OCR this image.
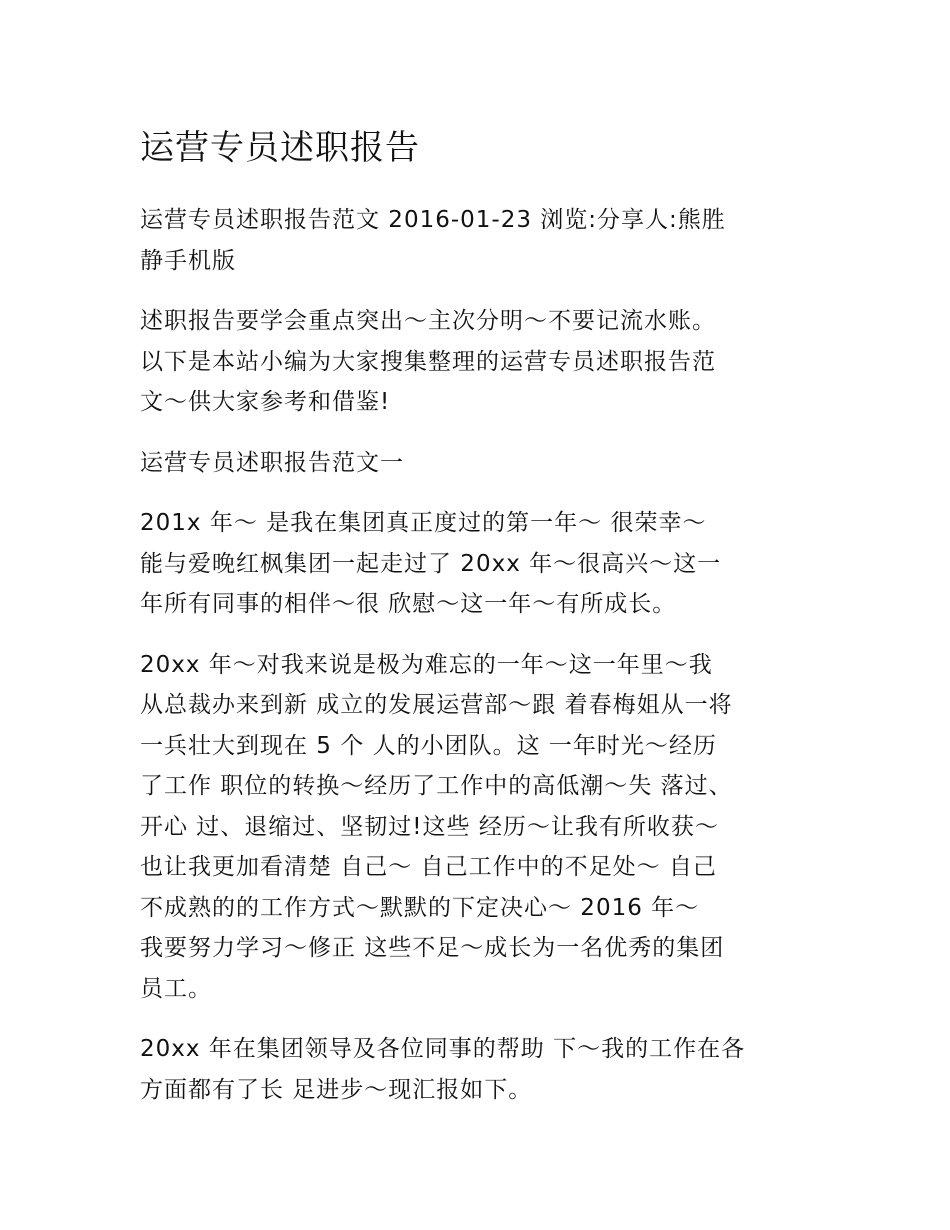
运营专员述职报告

运营专员述职报告范文 2016-01-23 浏览:分享人:熊胜
静手机版

述职报告要学会重点突出～主次分明～不要记流水账。
以下是本站小编为大家搜集整理的运营专员述职报告范
文～供大家参考和借鉴!

运营专员述职报告范文一

201x 年～ 是我在集团真正度过的第一年～ 很荣幸～
能与爱晚红枫集团一起走过了 20xx 年～很高兴～这一
年所有同事的相伴～很 欣慰～这一年～有所成长。

20xx 年～对我来说是极为难忘的一年～这一年里～我
从总裁办来到新 成立的发展运营部～跟 着春梅姐从一将
一兵壮大到现在 5 个 人的小团队。这 一年时光～经历
了工作 职位的转换～经历了工作中的高低潮～失 落过、
开心 过、退缩过、坚韧过!这些 经历～让我有所收获～
也让我更加看清楚 自己～ 自己工作中的不足处～ 自己
不成熟的的工作方式～默默的下定决心～ 2016 年～
我要努力学习～修正 这些不足～成长为一名优秀的集团
员工。

20xx 年在集团领导及各位同事的帮助 下～我的工作在各
方面都有了长 足进步～现汇报如下。
